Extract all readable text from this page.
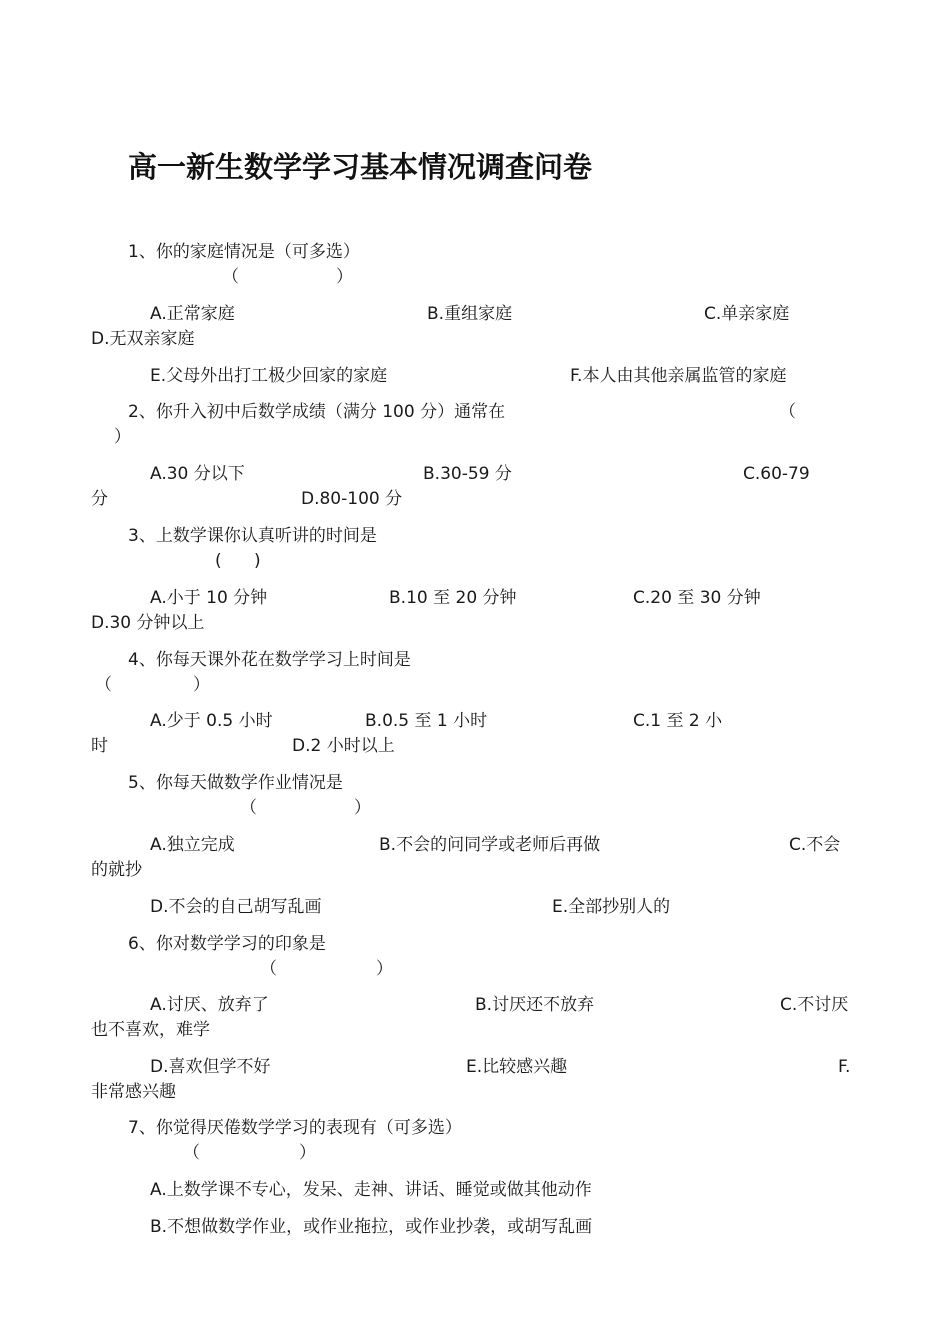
高一新生数学学习基本情况调查问卷
1、你的家庭情况是（可多选）
（	）
A.正常家庭	B.重组家庭	C.单亲家庭
D.无双亲家庭
E.父母外出打工极少回家的家庭	F.本人由其他亲属监管的家庭
2、你升入初中后数学成绩（满分 100 分）通常在	（
）
A.30 分以下	B.30-59 分	C.60-79
分	D.80-100 分
3、上数学课你认真听讲的时间是
( )
A.小于 10 分钟	B.10 至 20 分钟	C.20 至 30 分钟
D.30 分钟以上
4、你每天课外花在数学学习上时间是
（	）
A.少于 0.5 小时	B.0.5 至 1 小时	C.1 至 2 小
时	D.2 小时以上
5、你每天做数学作业情况是
（	）
A.独立完成	B.不会的问同学或老师后再做	C.不会
的就抄
D.不会的自己胡写乱画	E.全部抄别人的
6、你对数学学习的印象是
（	）
A.讨厌、放弃了	B.讨厌还不放弃	C.不讨厌
也不喜欢，难学
D.喜欢但学不好	E.比较感兴趣	F.
非常感兴趣
7、你觉得厌倦数学学习的表现有（可多选）
（	）
A.上数学课不专心，发呆、走神、讲话、睡觉或做其他动作
B.不想做数学作业，或作业拖拉，或作业抄袭，或胡写乱画
